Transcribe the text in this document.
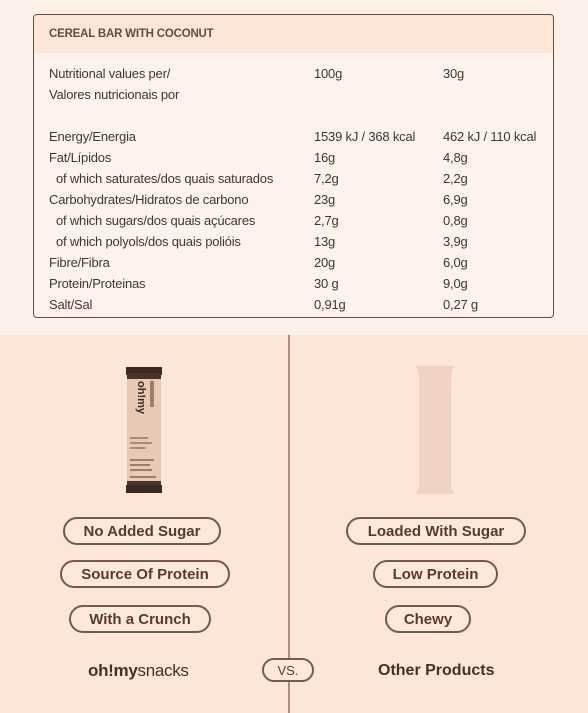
CEREAL BAR WITH COCONUT
Nutritional values per/	100g	30g
Valores nutricionais por
Energy/Energia	1539 kJ / 368 kcal	462 kJ / 110 kcal
Fat/Lípidos	16g	4,8g
of which saturates/dos quais saturados	7,2g	2,2g
Carbohydrates/Hidratos de carbono	23g	6,9g
of which sugars/dos quais açúcares	2,7g	0,8g
of which polyols/dos quais polióis	13g	3,9g
Fibre/Fibra	20g	6,0g
Protein/Proteinas	30 g	9,0g
Salt/Sal	0,91g	0,27 g
oh!my
No Added Sugar
Source Of Protein
With a Crunch
Loaded With Sugar
Low Protein
Chewy
oh!mysnacks	VS.	Other Products
